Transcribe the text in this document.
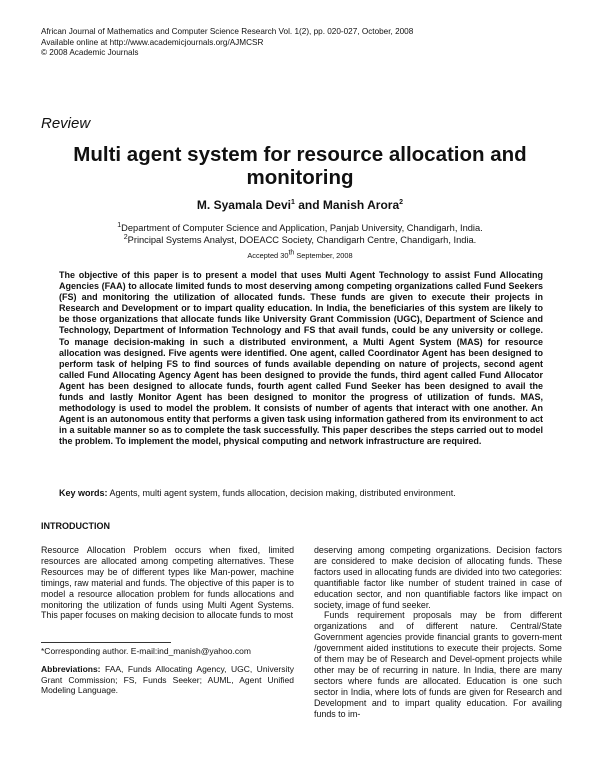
African Journal of Mathematics and Computer Science Research Vol. 1(2), pp. 020-027, October, 2008
Available online at http://www.academicjournals.org/AJMCSR
© 2008 Academic Journals
Review
Multi agent system for resource allocation and monitoring
M. Syamala Devi$^1$ and Manish Arora$^2$
$^1$Department of Computer Science and Application, Panjab University, Chandigarh, India.
$^2$Principal Systems Analyst, DOEACC Society, Chandigarh Centre, Chandigarh, India.
Accepted 30th September, 2008
The objective of this paper is to present a model that uses Multi Agent Technology to assist Fund Allocating Agencies (FAA) to allocate limited funds to most deserving among competing organizations called Fund Seekers (FS) and monitoring the utilization of allocated funds. These funds are given to execute their projects in Research and Development or to impart quality education. In India, the beneficiaries of this system are likely to be those organizations that allocate funds like University Grant Commission (UGC), Department of Science and Technology, Department of Information Technology and FS that avail funds, could be any university or college. To manage decision-making in such a distributed environment, a Multi Agent System (MAS) for resource allocation was designed. Five agents were identified. One agent, called Coordinator Agent has been designed to perform task of helping FS to find sources of funds available depending on nature of projects, second agent called Fund Allocating Agency Agent has been designed to provide the funds, third agent called Fund Allocator Agent has been designed to allocate funds, fourth agent called Fund Seeker has been designed to avail the funds and lastly Monitor Agent has been designed to monitor the progress of utilization of funds. MAS, methodology is used to model the problem. It consists of number of agents that interact with one another. An Agent is an autonomous entity that performs a given task using information gathered from its environment to act in a suitable manner so as to complete the task successfully. This paper describes the steps carried out to model the problem. To implement the model, physical computing and network infrastructure are required.
Key words: Agents, multi agent system, funds allocation, decision making, distributed environment.
INTRODUCTION

Resource Allocation Problem occurs when fixed, limited resources are allocated among competing alternatives. These Resources may be of different types like Man-power, machine timings, raw material and funds. The objective of this paper is to model a resource allocation problem for funds allocations and monitoring the utilization of funds using Multi Agent Systems. This paper focuses on making decision to allocate funds to most

deserving among competing organizations. Decision factors are considered to make decision of allocating funds. These factors used in allocating funds are divided into two categories: quantifiable factor like number of student trained in case of education sector, and non quantifiable factors like impact on society, image of fund seeker.

Funds requirement proposals may be from different organizations and of different nature. Central/State Government agencies provide financial grants to govern-ment /government aided institutions to execute their projects. Some of them may be of Research and Devel-opment projects while other may be of recurring in nature. In India, there are many sectors where funds are allocated. Education is one such sector in India, where lots of funds are given for Research and Development and to impart quality education. For availing funds to im-

*Corresponding author. E-mail:ind_manish@yahoo.com
Abbreviations: FAA, Funds Allocating Agency, UGC, University Grant Commission; FS, Funds Seeker; AUML, Agent Unified Modeling Language.
